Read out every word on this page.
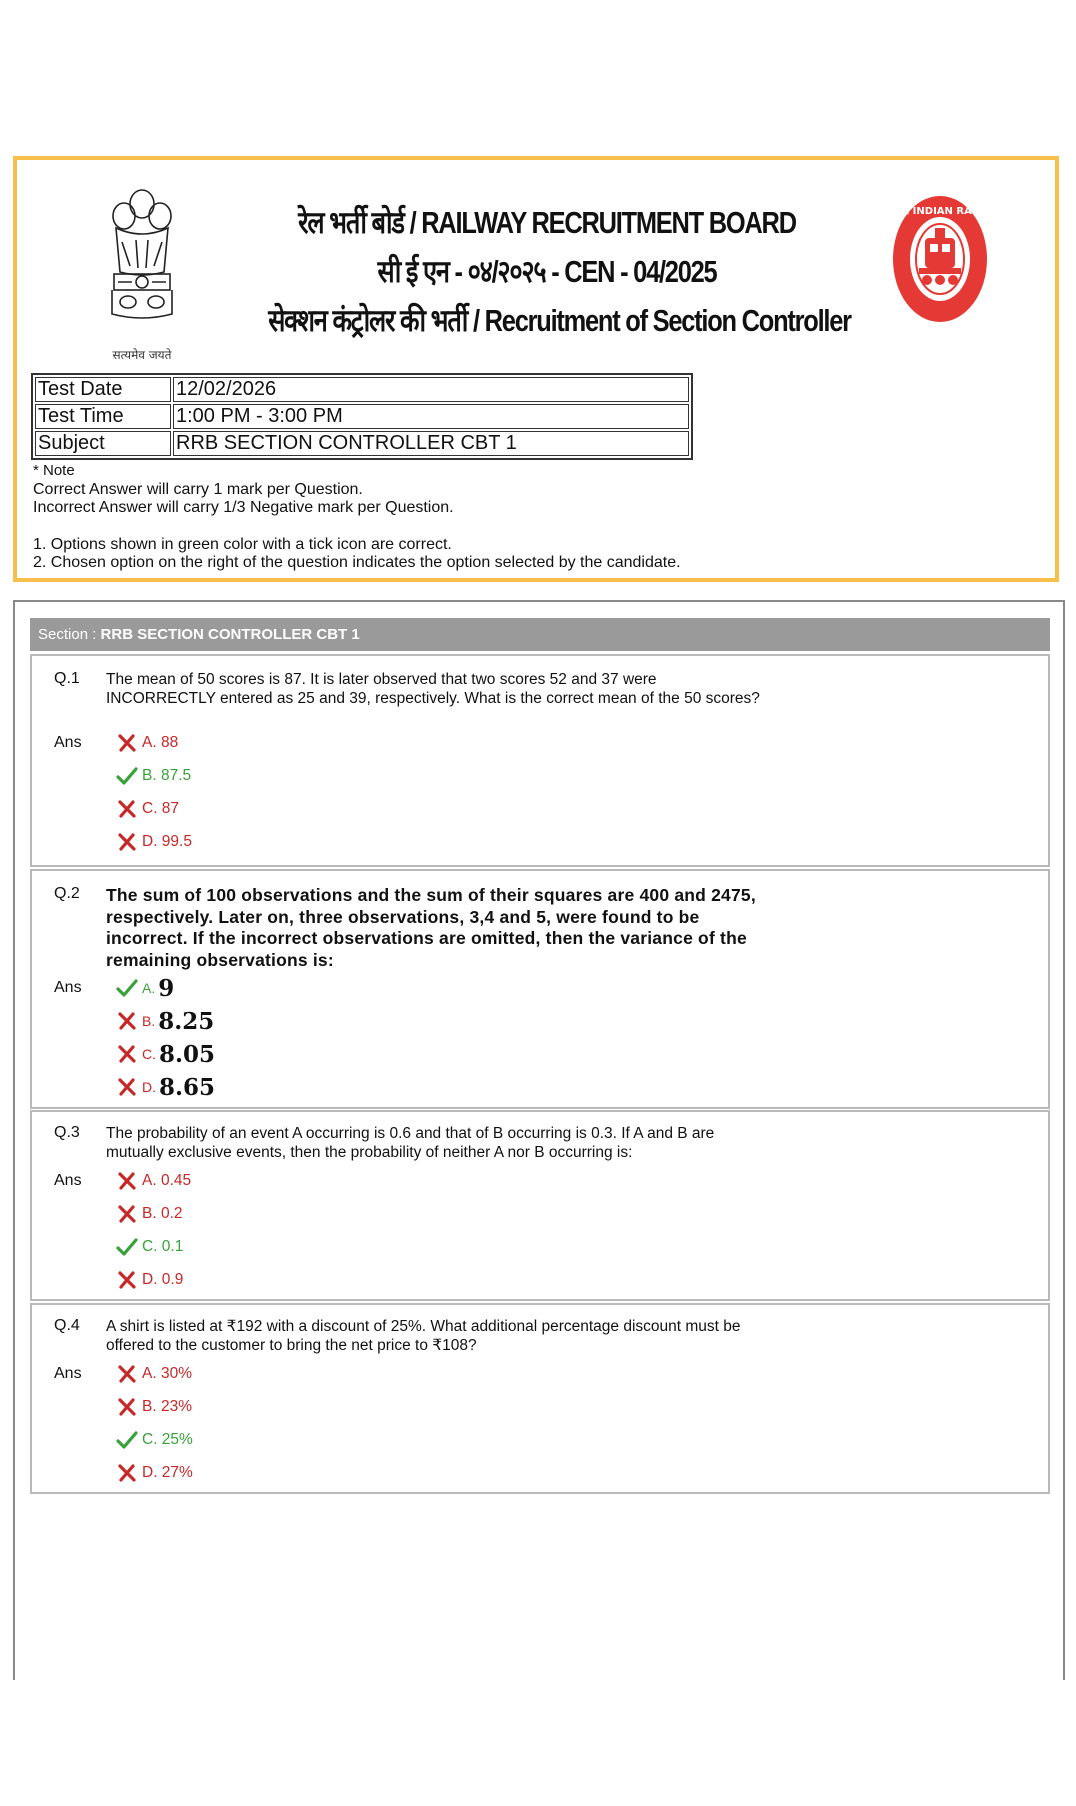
सत्यमेव जयते
रेल भर्ती बोर्ड / RAILWAY RECRUITMENT BOARD
सी ई एन - ०४/२०२५ - CEN - 04/2025
सेक्शन कंट्रोलर की भर्ती / Recruitment of Section Controller
भारतीय रेल INDIAN RAILWAYS
Test Date	12/02/2026
Test Time	1:00 PM - 3:00 PM
Subject	RRB SECTION CONTROLLER CBT 1
* Note
Correct Answer will carry 1 mark per Question.
Incorrect Answer will carry 1/3 Negative mark per Question.
1. Options shown in green color with a tick icon are correct.
2. Chosen option on the right of the question indicates the option selected by the candidate.
Section : RRB SECTION CONTROLLER CBT 1
Q.1 The mean of 50 scores is 87. It is later observed that two scores 52 and 37 were INCORRECTLY entered as 25 and 39, respectively. What is the correct mean of the 50 scores?
Ans	A. 88
B. 87.5
C. 87
D. 99.5
Q.2 The sum of 100 observations and the sum of their squares are 400 and 2475, respectively. Later on, three observations, 3,4 and 5, were found to be incorrect. If the incorrect observations are omitted, then the variance of the remaining observations is:
Ans	A. 9
B. 8.25
C. 8.05
D. 8.65
Q.3 The probability of an event A occurring is 0.6 and that of B occurring is 0.3. If A and B are mutually exclusive events, then the probability of neither A nor B occurring is:
Ans	A. 0.45
B. 0.2
C. 0.1
D. 0.9
Q.4 A shirt is listed at ₹192 with a discount of 25%. What additional percentage discount must be offered to the customer to bring the net price to ₹108?
Ans	A. 30%
B. 23%
C. 25%
D. 27%
